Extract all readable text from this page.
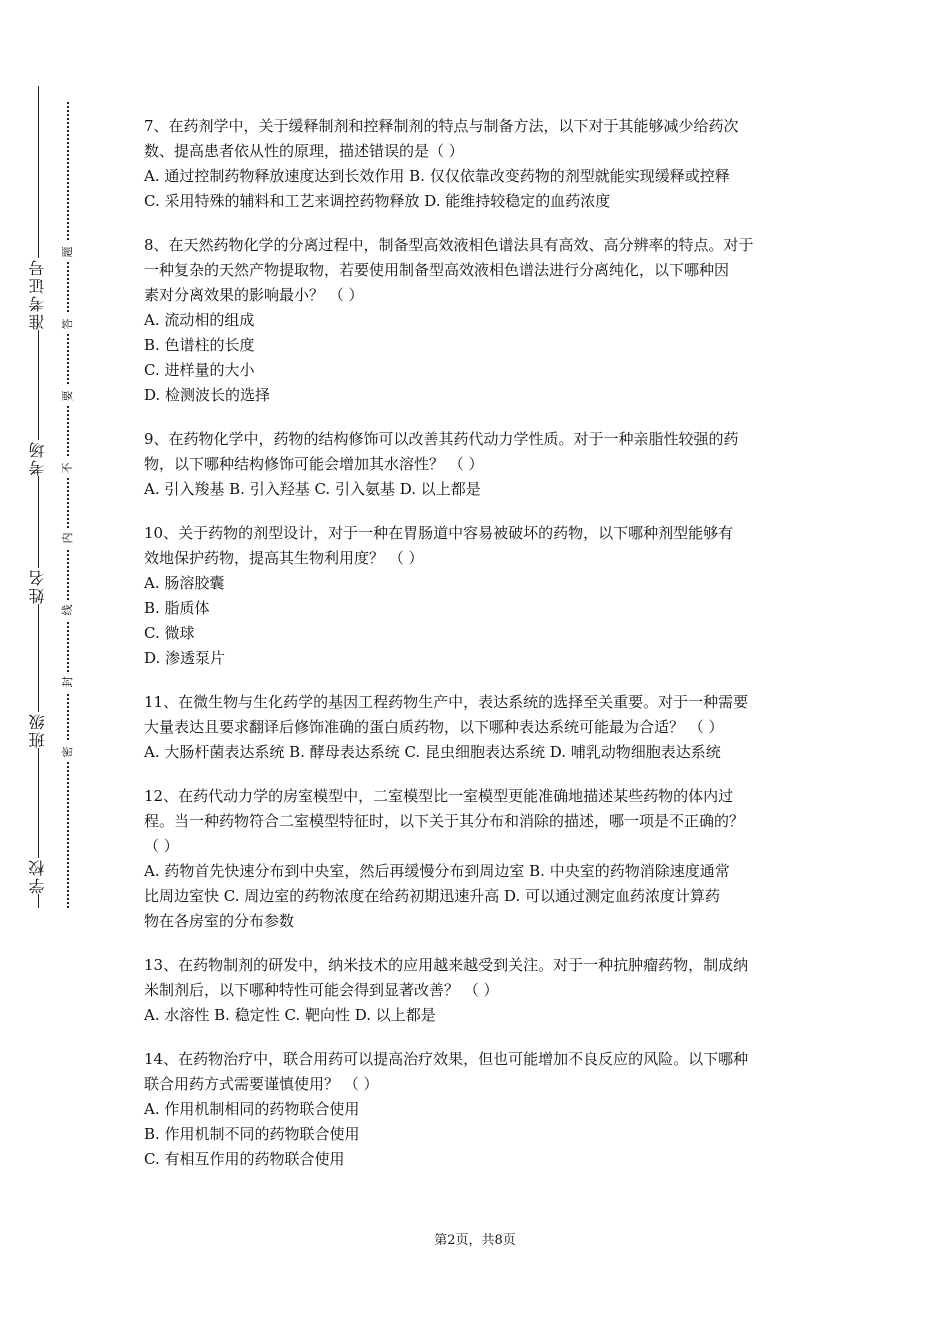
准考证号
考场
姓名
班级
学校
题
答
要
不
内
线
封
密
7、在药剂学中，关于缓释制剂和控释制剂的特点与制备方法，以下对于其能够减少给药次
数、提高患者依从性的原理，描述错误的是（ ）
A. 通过控制药物释放速度达到长效作用 B. 仅仅依靠改变药物的剂型就能实现缓释或控释
C. 采用特殊的辅料和工艺来调控药物释放 D. 能维持较稳定的血药浓度
8、在天然药物化学的分离过程中，制备型高效液相色谱法具有高效、高分辨率的特点。对于
一种复杂的天然产物提取物，若要使用制备型高效液相色谱法进行分离纯化，以下哪种因
素对分离效果的影响最小？ （ ）
A. 流动相的组成
B. 色谱柱的长度
C. 进样量的大小
D. 检测波长的选择
9、在药物化学中，药物的结构修饰可以改善其药代动力学性质。对于一种亲脂性较强的药
物，以下哪种结构修饰可能会增加其水溶性？ （ ）
A. 引入羧基 B. 引入羟基 C. 引入氨基 D. 以上都是
10、关于药物的剂型设计，对于一种在胃肠道中容易被破坏的药物，以下哪种剂型能够有
效地保护药物，提高其生物利用度？ （ ）
A. 肠溶胶囊
B. 脂质体
C. 微球
D. 渗透泵片
11、在微生物与生化药学的基因工程药物生产中，表达系统的选择至关重要。对于一种需要
大量表达且要求翻译后修饰准确的蛋白质药物，以下哪种表达系统可能最为合适？ （ ）
A. 大肠杆菌表达系统 B. 酵母表达系统 C. 昆虫细胞表达系统 D. 哺乳动物细胞表达系统
12、在药代动力学的房室模型中，二室模型比一室模型更能准确地描述某些药物的体内过
程。当一种药物符合二室模型特征时，以下关于其分布和消除的描述，哪一项是不正确的？
（ ）
A. 药物首先快速分布到中央室，然后再缓慢分布到周边室 B. 中央室的药物消除速度通常
比周边室快 C. 周边室的药物浓度在给药初期迅速升高 D. 可以通过测定血药浓度计算药
物在各房室的分布参数
13、在药物制剂的研发中，纳米技术的应用越来越受到关注。对于一种抗肿瘤药物，制成纳
米制剂后，以下哪种特性可能会得到显著改善？ （ ）
A. 水溶性 B. 稳定性 C. 靶向性 D. 以上都是
14、在药物治疗中，联合用药可以提高治疗效果，但也可能增加不良反应的风险。以下哪种
联合用药方式需要谨慎使用？ （ ）
A. 作用机制相同的药物联合使用
B. 作用机制不同的药物联合使用
C. 有相互作用的药物联合使用
第2页，共8页
